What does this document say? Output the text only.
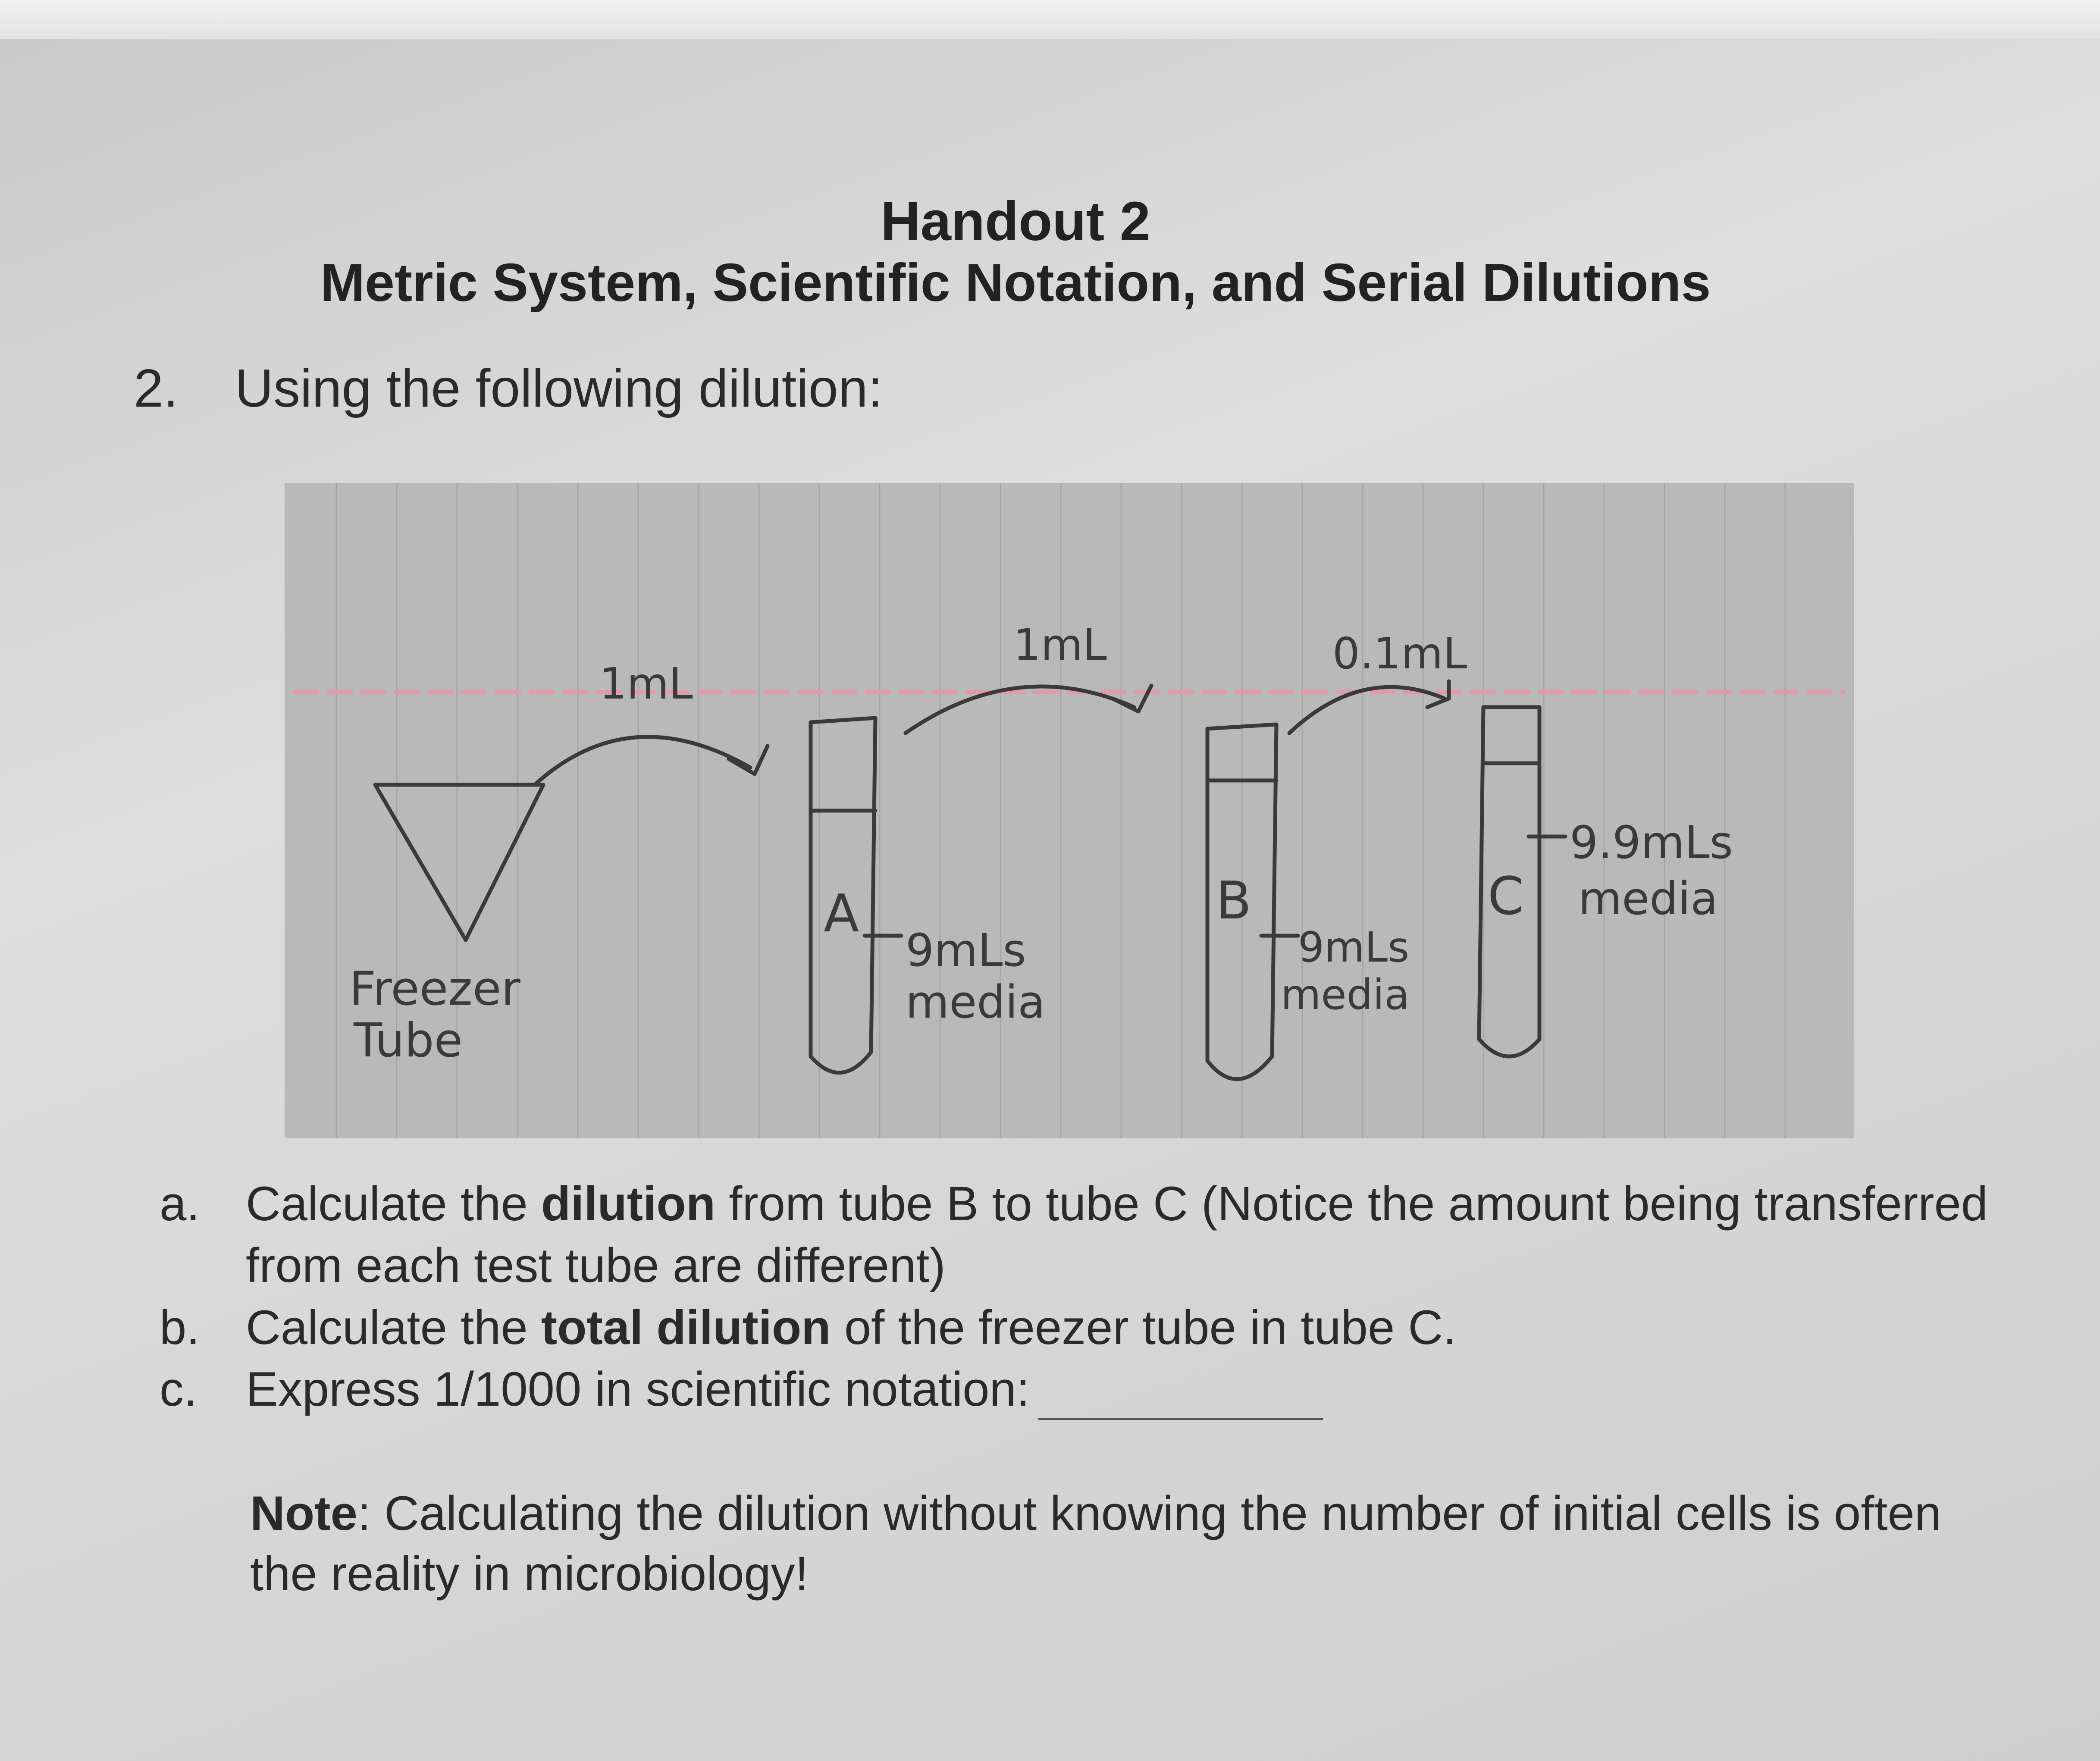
Handout 2
Metric System, Scientific Notation, and Serial Dilutions
2. Using the following dilution:
1mL
1mL	0.1mL
Freezer
Tube
A
9mLs
media
B
9mLs
media
C
9.9mLs
media
a. Calculate the dilution from tube B to tube C (Notice the amount being transferred from each test tube are different)
b. Calculate the total dilution of the freezer tube in tube C.
c. Express 1/1000 in scientific notation:
Note: Calculating the dilution without knowing the number of initial cells is often the reality in microbiology!
